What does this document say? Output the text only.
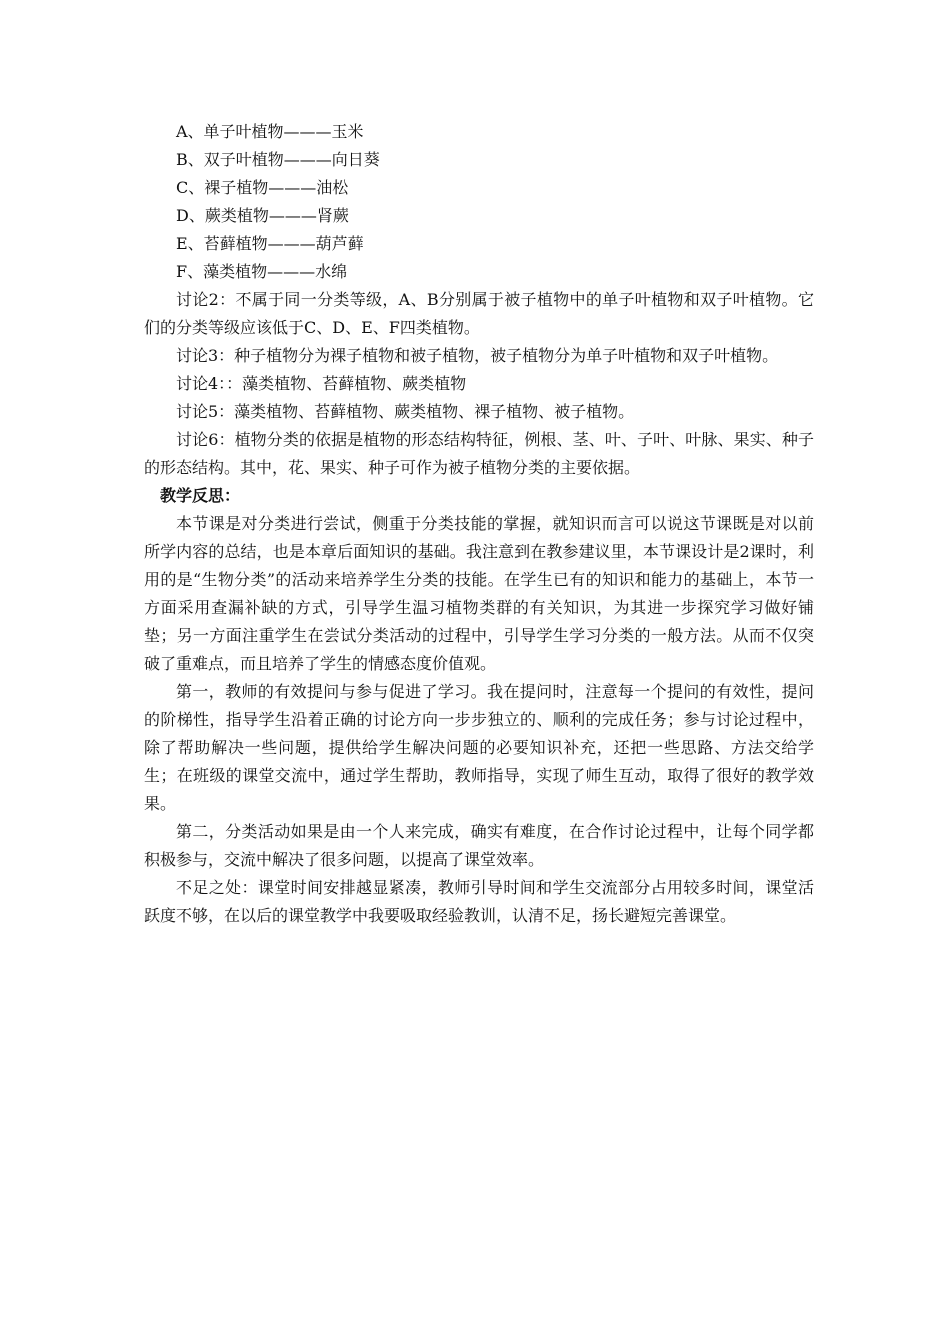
A、单子叶植物———玉米
B、双子叶植物———向日葵
C、裸子植物———油松
D、蕨类植物———肾蕨
E、苔藓植物———葫芦藓
F、藻类植物———水绵

讨论2：不属于同一分类等级，A、B分别属于被子植物中的单子叶植物和双子叶植物。它们的分类等级应该低于C、D、E、F四类植物。

讨论3：种子植物分为裸子植物和被子植物，被子植物分为单子叶植物和双子叶植物。

讨论4：：藻类植物、苔藓植物、蕨类植物

讨论5：藻类植物、苔藓植物、蕨类植物、裸子植物、被子植物。

讨论6：植物分类的依据是植物的形态结构特征，例根、茎、叶、子叶、叶脉、果实、种子的形态结构。其中，花、果实、种子可作为被子植物分类的主要依据。

教学反思：

本节课是对分类进行尝试，侧重于分类技能的掌握，就知识而言可以说这节课既是对以前所学内容的总结，也是本章后面知识的基础。我注意到在教参建议里，本节课设计是2课时，利用的是“生物分类”的活动来培养学生分类的技能。在学生已有的知识和能力的基础上，本节一方面采用查漏补缺的方式，引导学生温习植物类群的有关知识，为其进一步探究学习做好铺垫；另一方面注重学生在尝试分类活动的过程中，引导学生学习分类的一般方法。从而不仅突破了重难点，而且培养了学生的情感态度价值观。

第一，教师的有效提问与参与促进了学习。我在提问时，注意每一个提问的有效性，提问的阶梯性，指导学生沿着正确的讨论方向一步步独立的、顺利的完成任务；参与讨论过程中，除了帮助解决一些问题，提供给学生解决问题的必要知识补充，还把一些思路、方法交给学生；在班级的课堂交流中，通过学生帮助，教师指导，实现了师生互动，取得了很好的教学效果。

第二，分类活动如果是由一个人来完成，确实有难度，在合作讨论过程中，让每个同学都积极参与，交流中解决了很多问题，以提高了课堂效率。

不足之处：课堂时间安排越显紧凑，教师引导时间和学生交流部分占用较多时间，课堂活跃度不够，在以后的课堂教学中我要吸取经验教训，认清不足，扬长避短完善课堂。
